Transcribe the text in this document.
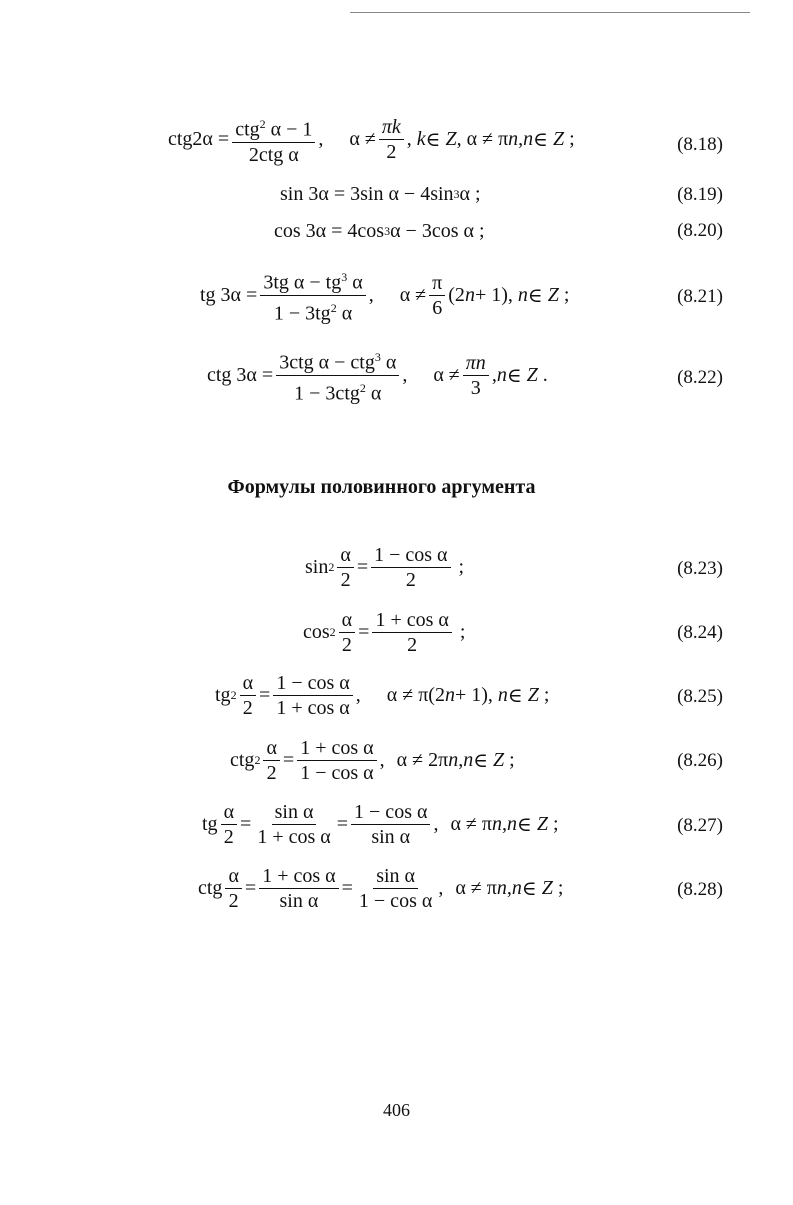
$ctg2\alpha = \frac{ctg^2 \alpha - 1}{\text{2ctg α}}$ ,
$\alpha \ne \frac{\pi k}{2}$ , k ∈ Z , α ≠ π n , n ∈ Z ;	(8.18)
sin 3α = 3sin α − 4sin 3 α ;	(8.19)
cos 3α = 4cos 3 α − 3cos α ;	(8.20)
tg $3\alpha = \frac{3tg \alpha - tg^3 \alpha}{1 - 3tg^2 \alpha}$ ,
$\alpha \ne \frac{\pi}{6} (2$ n + 1), n ∈ Z ;	(8.21)
ctg $3\alpha = \frac{3ctg \alpha - ctg^3 \alpha}{1 - 3ctg^2 \alpha}$ ,
$\alpha \ne \frac{\pi n}{3}$ , n ∈ Z .	(8.22)
Формулы половинного аргумента
$\sin 2 \frac{\alpha}{2} = \frac{\text{1 − cos α}}{2}$ ;	(8.23)
$\cos 2 \frac{\alpha}{2} = \frac{\text{1 + cos α}}{2}$ ;	(8.24)
tg $2 \frac{\alpha}{2} = \frac{\text{1 − cos α}}{\text{1 + cos α}}$ ,
α ≠ π(2 n + 1), n ∈ Z ;	(8.25)
ctg $2 \frac{\alpha}{2} = \frac{\text{1 + cos α}}{\text{1 − cos α}}$ ,
α ≠ 2π n , n ∈ Z ;	(8.26)
tg $\frac{\alpha}{2} = \frac{\text{sin α}}{\text{1 + cos α}} = \frac{\text{1 − cos α}}{\text{sin α}}$ ,
α ≠ π n , n ∈ Z ;	(8.27)
ctg $\frac{\alpha}{2} = \frac{\text{1 + cos α}}{\text{sin α}} = \frac{\text{sin α}}{\text{1 − cos α}}$ ,
α ≠ π n , n ∈ Z ;	(8.28)
406
